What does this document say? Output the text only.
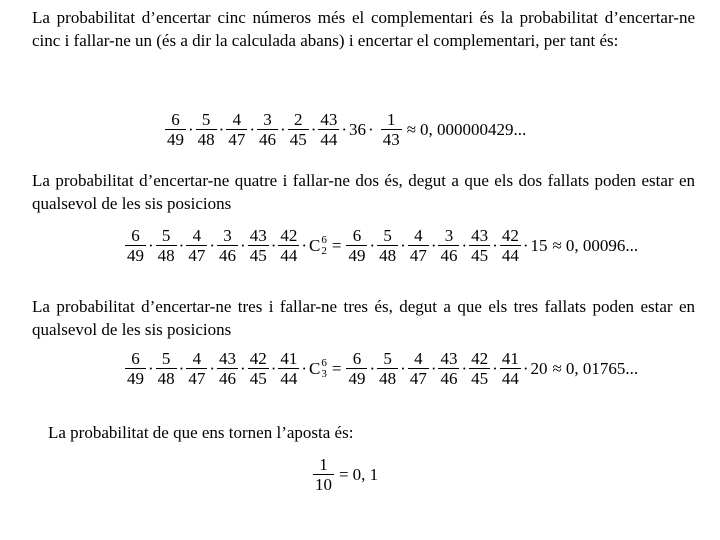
La probabilitat d’encertar cinc números més el complementari és la probabilitat d’encertar-ne cinc i fallar-ne un (és a dir la calculada abans) i encertar el complementari, per tant és:
$\frac{6}{49} \cdot \frac{5}{48} \cdot \frac{4}{47} \cdot \frac{3}{46} \cdot \frac{2}{45} \cdot \frac{43}{44} \cdot 36 \cdot \frac{1}{43} \approx 0$, 000000429...
La probabilitat d’encertar-ne quatre i fallar-ne dos és, degut a que els dos fallats poden estar en qualsevol de les sis posicions
$\frac{6}{49} \cdot \frac{5}{48} \cdot \frac{4}{47} \cdot \frac{3}{46} \cdot \frac{43}{45} \cdot \frac{42}{44} \cdot C$ 6
$2 = \frac{6}{49} \cdot \frac{5}{48} \cdot \frac{4}{47} \cdot \frac{3}{46} \cdot \frac{43}{45} \cdot \frac{42}{44} \cdot 15 \approx 0$, 00096...
La probabilitat d’encertar-ne tres i fallar-ne tres és, degut a que els tres fallats poden estar en qualsevol de les sis posicions
$\frac{6}{49} \cdot \frac{5}{48} \cdot \frac{4}{47} \cdot \frac{43}{46} \cdot \frac{42}{45} \cdot \frac{41}{44} \cdot C$ 6
$3 = \frac{6}{49} \cdot \frac{5}{48} \cdot \frac{4}{47} \cdot \frac{43}{46} \cdot \frac{42}{45} \cdot \frac{41}{44} \cdot 20 \approx 0$, 01765...
La probabilitat de que ens tornen l’aposta és:
$\frac{1}{10} = 0$, 1
